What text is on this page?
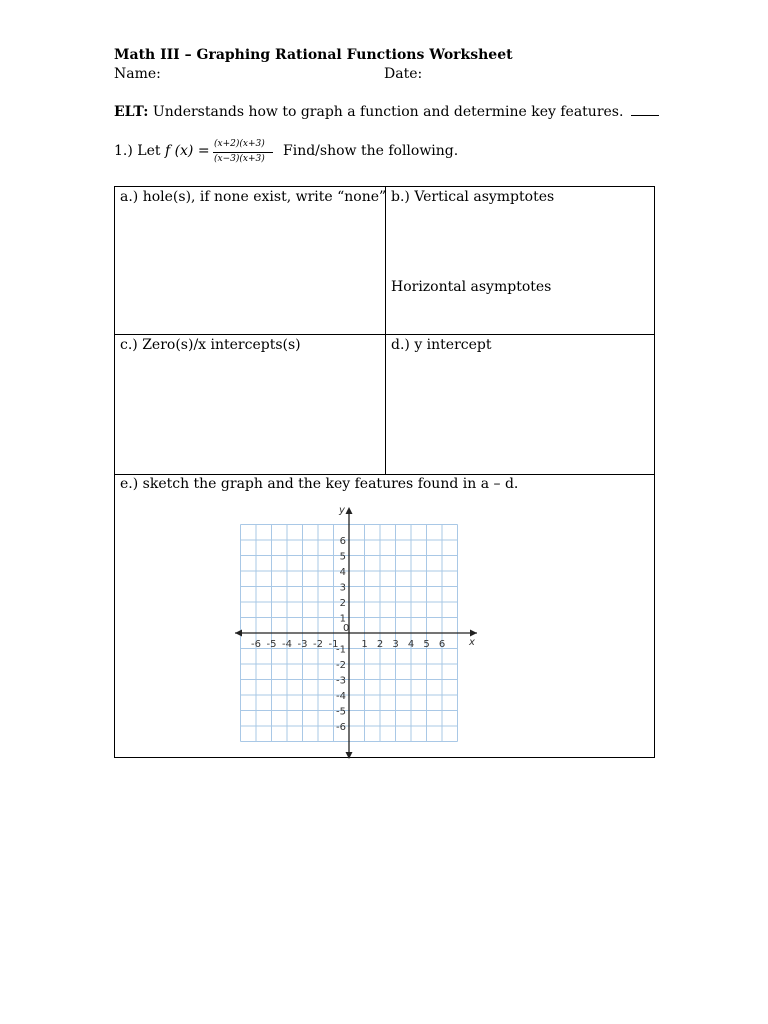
Math III – Graphing Rational Functions Worksheet
Name:	Date:
ELT: Understands how to graph a function and determine key features.
1.) Let f (x) = (x+2)(x+3)
(x−3)(x+3) Find/show the following.
a.) hole(s), if none exist, write “none” b.) Vertical asymptotes
Horizontal asymptotes
c.) Zero(s)/x intercepts(s)	d.) y intercept
e.) sketch the graph and the key features found in a – d.
x
y
0
-6 -5 -4 -3 -2 -1 1 2 3 4 5 6
6
5
4
3
2
1
-1
-2
-3
-4
-5
-6
